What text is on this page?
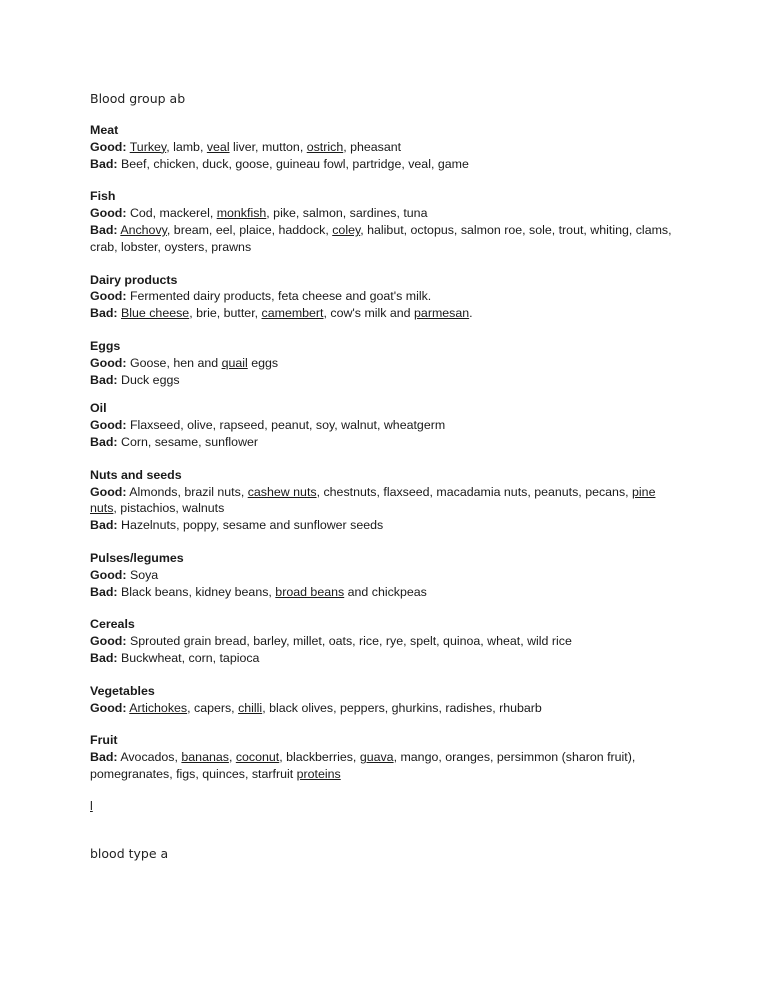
Blood group ab
Meat
Good: Turkey, lamb, veal liver, mutton, ostrich, pheasant
Bad: Beef, chicken, duck, goose, guineau fowl, partridge, veal, game
Fish
Good: Cod, mackerel, monkfish, pike, salmon, sardines, tuna
Bad: Anchovy, bream, eel, plaice, haddock, coley, halibut, octopus, salmon roe, sole, trout, whiting, clams, crab, lobster, oysters, prawns
Dairy products
Good: Fermented dairy products, feta cheese and goat's milk.
Bad: Blue cheese, brie, butter, camembert, cow's milk and parmesan.
Eggs
Good: Goose, hen and quail eggs
Bad: Duck eggs
Oil
Good: Flaxseed, olive, rapseed, peanut, soy, walnut, wheatgerm
Bad: Corn, sesame, sunflower
Nuts and seeds
Good: Almonds, brazil nuts, cashew nuts, chestnuts, flaxseed, macadamia nuts, peanuts, pecans, pine nuts, pistachios, walnuts
Bad: Hazelnuts, poppy, sesame and sunflower seeds
Pulses/legumes
Good: Soya
Bad: Black beans, kidney beans, broad beans and chickpeas
Cereals
Good: Sprouted grain bread, barley, millet, oats, rice, rye, spelt, quinoa, wheat, wild rice
Bad: Buckwheat, corn, tapioca
Vegetables
Good: Artichokes, capers, chilli, black olives, peppers, ghurkins, radishes, rhubarb
Fruit
Bad: Avocados, bananas, coconut, blackberries, guava, mango, oranges, persimmon (sharon fruit), pomegranates, figs, quinces, starfruit proteins
l
blood type a
